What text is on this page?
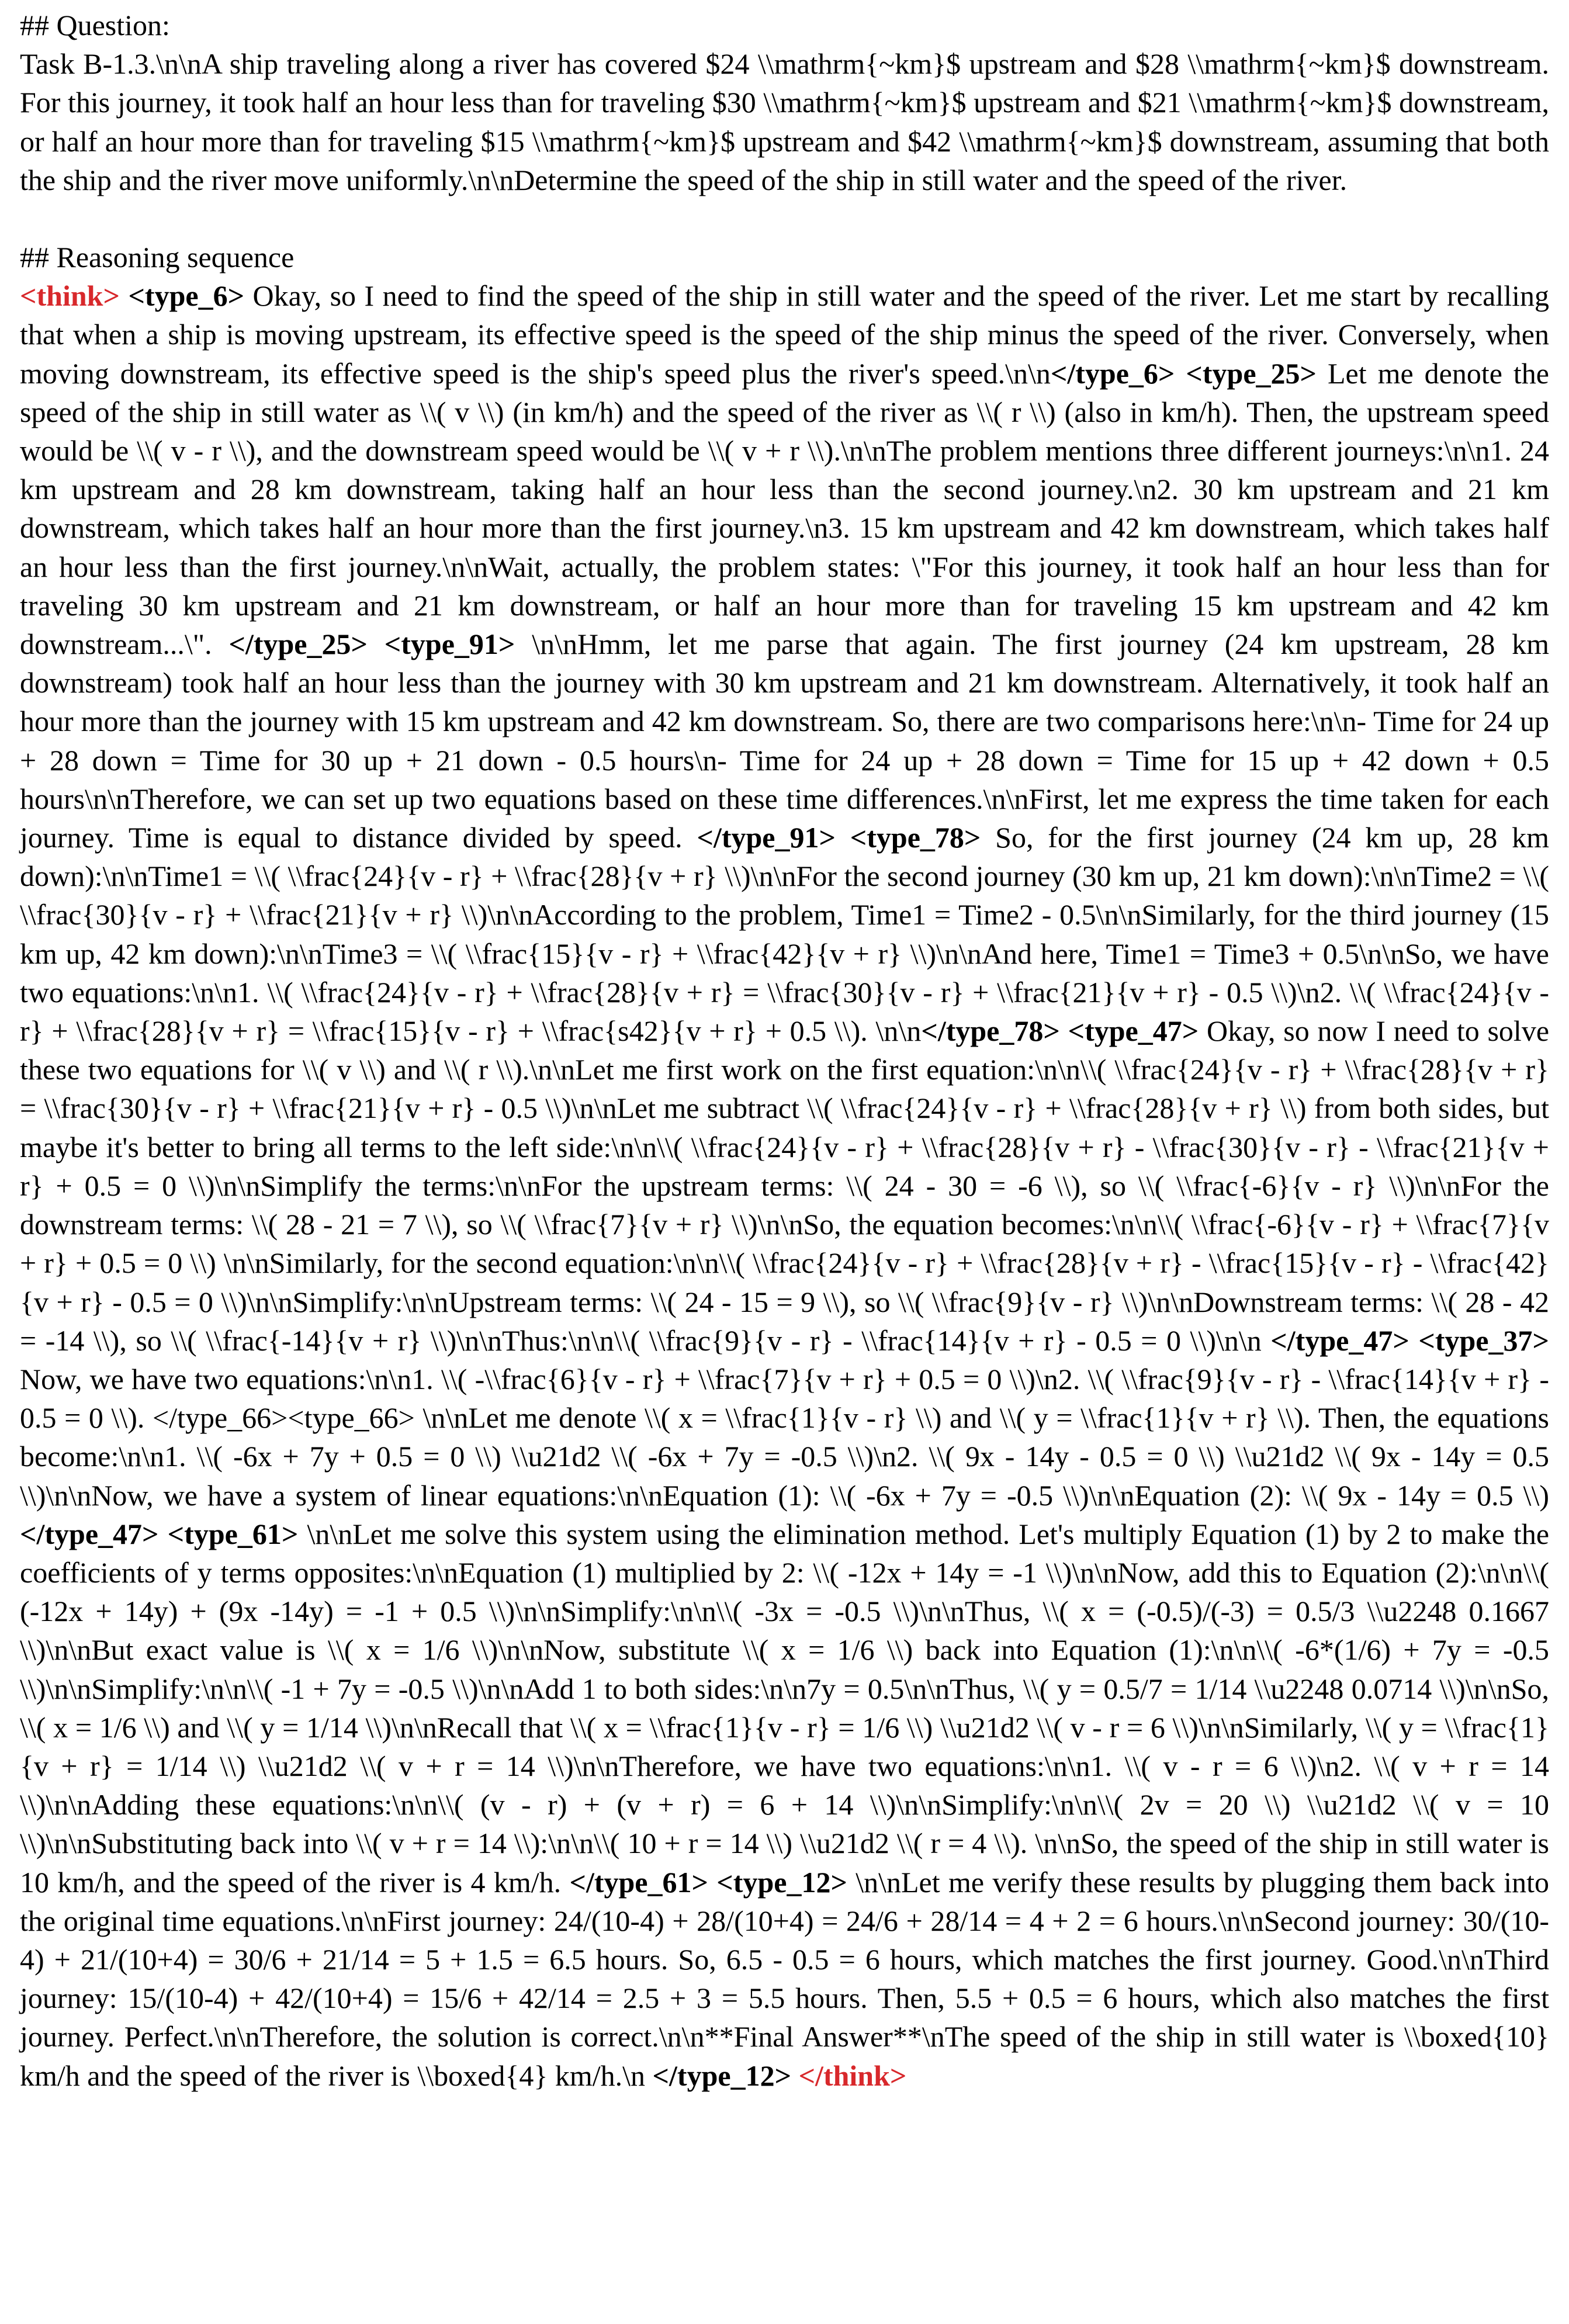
## Question:

Task B-1.3.\n\nA ship traveling along a river has covered $24 \\mathrm{~km}$ upstream and $28 \\mathrm{~km}$ downstream. For this journey, it took half an hour less than for traveling $30 \\mathrm{~km}$ upstream and $21 \\mathrm{~km}$ downstream, or half an hour more than for traveling $15 \\mathrm{~km}$ upstream and $42 \\mathrm{~km}$ downstream, assuming that both the ship and the river move uniformly.\n\nDetermine the speed of the ship in still water and the speed of the river.

## Reasoning sequence

<think> <type_6> Okay, so I need to find the speed of the ship in still water and the speed of the river. Let me start by recalling that when a ship is moving upstream, its effective speed is the speed of the ship minus the speed of the river. Conversely, when moving downstream, its effective speed is the ship's speed plus the river's speed.\n\n</type_6> <type_25> Let me denote the speed of the ship in still water as \\( v \\) (in km/h) and the speed of the river as \\( r \\) (also in km/h). Then, the upstream speed would be \\( v - r \\), and the downstream speed would be \\( v + r \\).\n\nThe problem mentions three different journeys:\n\n1. 24 km upstream and 28 km downstream, taking half an hour less than the second journey.\n2. 30 km upstream and 21 km downstream, which takes half an hour more than the first journey.\n3. 15 km upstream and 42 km downstream, which takes half an hour less than the first journey.\n\nWait, actually, the problem states: \"For this journey, it took half an hour less than for traveling 30 km upstream and 21 km downstream, or half an hour more than for traveling 15 km upstream and 42 km downstream...\". </type_25> <type_91> \n\nHmm, let me parse that again. The first journey (24 km upstream, 28 km downstream) took half an hour less than the journey with 30 km upstream and 21 km downstream. Alternatively, it took half an hour more than the journey with 15 km upstream and 42 km downstream. So, there are two comparisons here:\n\n- Time for 24 up + 28 down = Time for 30 up + 21 down - 0.5 hours\n- Time for 24 up + 28 down = Time for 15 up + 42 down + 0.5 hours\n\nTherefore, we can set up two equations based on these time differences.\n\nFirst, let me express the time taken for each journey. Time is equal to distance divided by speed. </type_91> <type_78> So, for the first journey (24 km up, 28 km down):\n\nTime1 = \\( \\frac{24}{v - r} + \\frac{28}{v + r} \\)\n\nFor the second journey (30 km up, 21 km down):\n\nTime2 = \\( \\frac{30}{v - r} + \\frac{21}{v + r} \\)\n\nAccording to the problem, Time1 = Time2 - 0.5\n\nSimilarly, for the third journey (15 km up, 42 km down):\n\nTime3 = \\( \\frac{15}{v - r} + \\frac{42}{v + r} \\)\n\nAnd here, Time1 = Time3 + 0.5\n\nSo, we have two equations:\n\n1. \\( \\frac{24}{v - r} + \\frac{28}{v + r} = \\frac{30}{v - r} + \\frac{21}{v + r} - 0.5 \\)\n2. \\( \\frac{24}{v - r} + \\frac{28}{v + r} = \\frac{15}{v - r} + \\frac{s42}{v + r} + 0.5 \\). \n\n</type_78> <type_47> Okay, so now I need to solve these two equations for \\( v \\) and \\( r \\).\n\nLet me first work on the first equation:\n\n\\( \\frac{24}{v - r} + \\frac{28}{v + r} = \\frac{30}{v - r} + \\frac{21}{v + r} - 0.5 \\)\n\nLet me subtract \\( \\frac{24}{v - r} + \\frac{28}{v + r} \\) from both sides, but maybe it's better to bring all terms to the left side:\n\n\\( \\frac{24}{v - r} + \\frac{28}{v + r} - \\frac{30}{v - r} - \\frac{21}{v + r} + 0.5 = 0 \\)\n\nSimplify the terms:\n\nFor the upstream terms: \\( 24 - 30 = -6 \\), so \\( \\frac{-6}{v - r} \\)\n\nFor the downstream terms: \\( 28 - 21 = 7 \\), so \\( \\frac{7}{v + r} \\)\n\nSo, the equation becomes:\n\n\\( \\frac{-6}{v - r} + \\frac{7}{v + r} + 0.5 = 0 \\) \n\nSimilarly, for the second equation:\n\n\\( \\frac{24}{v - r} + \\frac{28}{v + r} - \\frac{15}{v - r} - \\frac{42}{v + r} - 0.5 = 0 \\)\n\nSimplify:\n\nUpstream terms: \\( 24 - 15 = 9 \\), so \\( \\frac{9}{v - r} \\)\n\nDownstream terms: \\( 28 - 42 = -14 \\), so \\( \\frac{-14}{v + r} \\)\n\nThus:\n\n\\( \\frac{9}{v - r} - \\frac{14}{v + r} - 0.5 = 0 \\)\n\n </type_47> <type_37> Now, we have two equations:\n\n1. \\( -\\frac{6}{v - r} + \\frac{7}{v + r} + 0.5 = 0 \\)\n2. \\( \\frac{9}{v - r} - \\frac{14}{v + r} - 0.5 = 0 \\). </type_66><type_66> \n\nLet me denote \\( x = \\frac{1}{v - r} \\) and \\( y = \\frac{1}{v + r} \\). Then, the equations become:\n\n1. \\( -6x + 7y + 0.5 = 0 \\) \\u21d2 \\( -6x + 7y = -0.5 \\)\n2. \\( 9x - 14y - 0.5 = 0 \\) \\u21d2 \\( 9x - 14y = 0.5 \\)\n\nNow, we have a system of linear equations:\n\nEquation (1): \\( -6x + 7y = -0.5 \\)\n\nEquation (2): \\( 9x - 14y = 0.5 \\) </type_47> <type_61> \n\nLet me solve this system using the elimination method. Let's multiply Equation (1) by 2 to make the coefficients of y terms opposites:\n\nEquation (1) multiplied by 2: \\( -12x + 14y = -1 \\)\n\nNow, add this to Equation (2):\n\n\\( (-12x + 14y) + (9x -14y) = -1 + 0.5 \\)\n\nSimplify:\n\n\\( -3x = -0.5 \\)\n\nThus, \\( x = (-0.5)/(-3) = 0.5/3 \\u2248 0.1667 \\)\n\nBut exact value is \\( x = 1/6 \\)\n\nNow, substitute \\( x = 1/6 \\) back into Equation (1):\n\n\\( -6*(1/6) + 7y = -0.5 \\)\n\nSimplify:\n\n\\( -1 + 7y = -0.5 \\)\n\nAdd 1 to both sides:\n\n7y = 0.5\n\nThus, \\( y = 0.5/7 = 1/14 \\u2248 0.0714 \\)\n\nSo, \\( x = 1/6 \\) and \\( y = 1/14 \\)\n\nRecall that \\( x = \\frac{1}{v - r} = 1/6 \\) \\u21d2 \\( v - r = 6 \\)\n\nSimilarly, \\( y = \\frac{1}{v + r} = 1/14 \\) \\u21d2 \\( v + r = 14 \\)\n\nTherefore, we have two equations:\n\n1. \\( v - r = 6 \\)\n2. \\( v + r = 14 \\)\n\nAdding these equations:\n\n\\( (v - r) + (v + r) = 6 + 14 \\)\n\nSimplify:\n\n\\( 2v = 20 \\) \\u21d2 \\( v = 10 \\)\n\nSubstituting back into \\( v + r = 14 \\):\n\n\\( 10 + r = 14 \\) \\u21d2 \\( r = 4 \\). \n\nSo, the speed of the ship in still water is 10 km/h, and the speed of the river is 4 km/h. </type_61> <type_12> \n\nLet me verify these results by plugging them back into the original time equations.\n\nFirst journey: 24/(10-4) + 28/(10+4) = 24/6 + 28/14 = 4 + 2 = 6 hours.\n\nSecond journey: 30/(10-4) + 21/(10+4) = 30/6 + 21/14 = 5 + 1.5 = 6.5 hours. So, 6.5 - 0.5 = 6 hours, which matches the first journey. Good.\n\nThird journey: 15/(10-4) + 42/(10+4) = 15/6 + 42/14 = 2.5 + 3 = 5.5 hours. Then, 5.5 + 0.5 = 6 hours, which also matches the first journey. Perfect.\n\nTherefore, the solution is correct.\n\n**Final Answer**\nThe speed of the ship in still water is \\boxed{10} km/h and the speed of the river is \\boxed{4} km/h.\n </type_12> </think>
